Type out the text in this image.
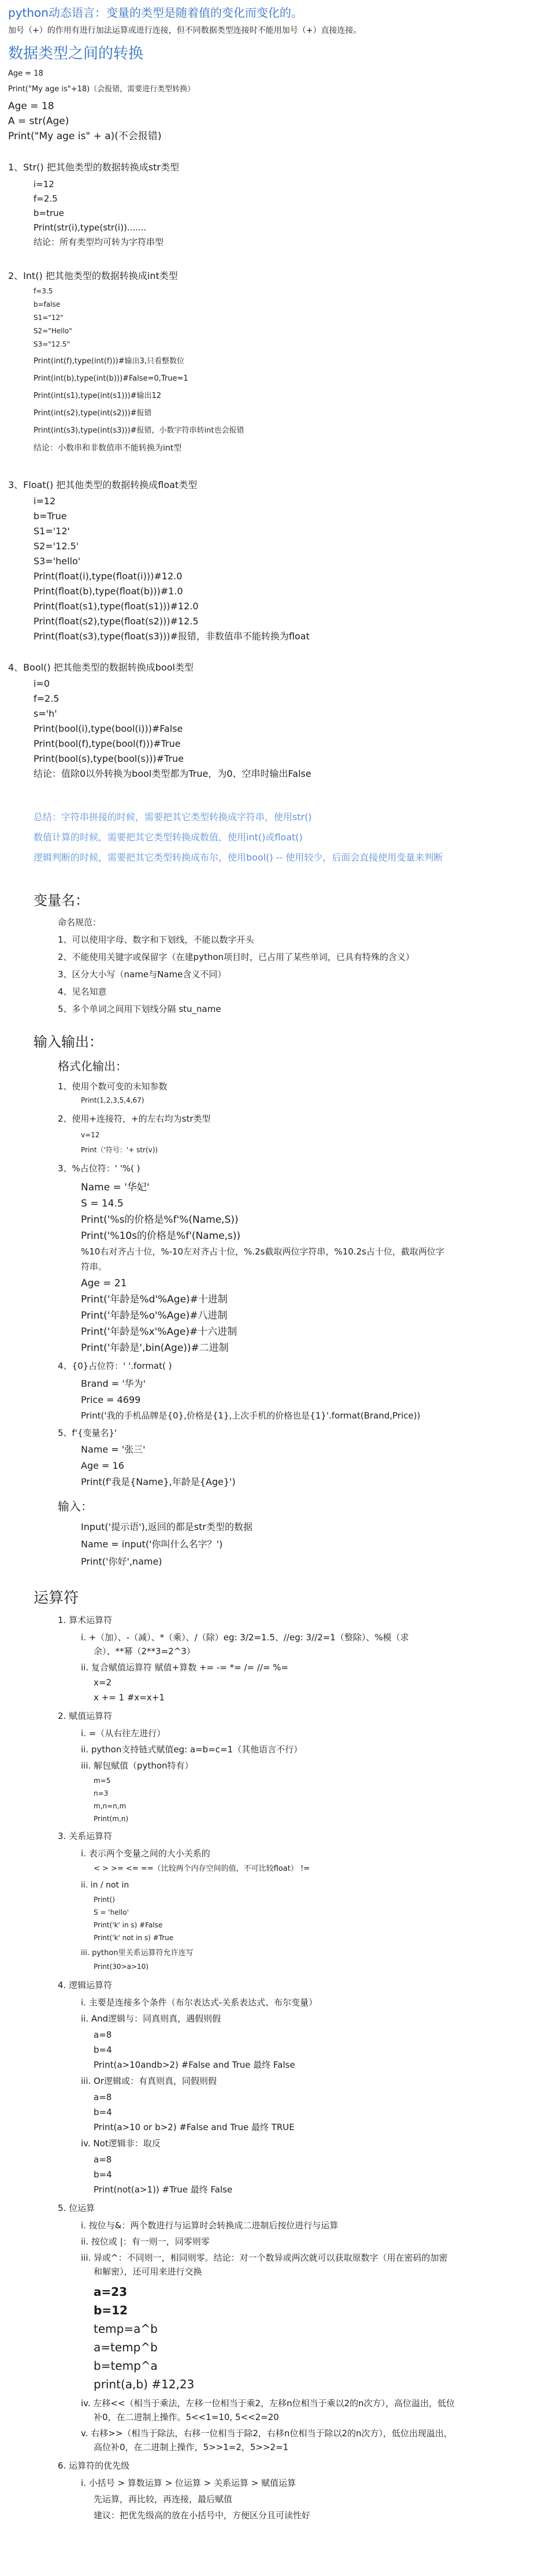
python动态语言：变量的类型是随着值的变化而变化的。
加号（+）的作用有进行加法运算或进行连接，但不同数据类型连接时不能用加号（+）直接连接。
数据类型之间的转换
Age = 18
Print("My age is"+18)（会报错，需要进行类型转换）
Age = 18
A = str(Age)
Print("My age is" + a)(不会报错)
1、Str() 把其他类型的数据转换成str类型
i=12
f=2.5
b=true
Print(str(i),type(str(i)).......
结论：所有类型均可转为字符串型
2、Int() 把其他类型的数据转换成int类型
f=3.5
b=false
S1="12"
S2="Hello"
S3="12.5"
Print(int(f),type(int(f)))#输出3,只看整数位
Print(int(b),type(int(b)))#False=0,True=1
Print(int(s1),type(int(s1)))#输出12
Print(int(s2),type(int(s2)))#报错
Print(int(s3),type(int(s3)))#报错，小数字符串转int也会报错
结论：小数串和非数值串不能转换为int型
3、Float() 把其他类型的数据转换成float类型
i=12
b=True
S1='12'
S2='12.5'
S3='hello'
Print(float(i),type(float(i)))#12.0
Print(float(b),type(float(b)))#1.0
Print(float(s1),type(float(s1)))#12.0
Print(float(s2),type(float(s2)))#12.5
Print(float(s3),type(float(s3)))#报错，非数值串不能转换为float
4、Bool() 把其他类型的数据转换成bool类型
i=0
f=2.5
s='h'
Print(bool(i),type(bool(i)))#False
Print(bool(f),type(bool(f)))#True
Print(bool(s),type(bool(s)))#True
结论：值除0以外转换为bool类型都为True，为0、空串时输出False
总结：字符串拼接的时候，需要把其它类型转换成字符串，使用str()
数值计算的时候，需要把其它类型转换成数值，使用int()或float()
逻辑判断的时候，需要把其它类型转换成布尔，使用bool() -- 使用较少，后面会直接使用变量来判断
变量名：
命名规范：
1、可以使用字母、数字和下划线，不能以数字开头
2、不能使用关键字或保留字（在建python项目时，已占用了某些单词，已具有特殊的含义）
3、区分大小写（name与Name含义不同）
4、见名知意
5、多个单词之间用下划线分隔 stu_name
输入输出：
格式化输出：
1、使用个数可变的未知参数
Print(1,2,3,5,4,67)
2、使用+连接符，+的左右均为str类型
v=12
Print（'符号：'+ str(v))
3、%占位符：' '%( )
Name = '华妃'
S = 14.5
Print('%s的价格是%f'%(Name,S))
Print('%10s的价格是%f'(Name,s))
%10右对齐占十位，%-10左对齐占十位，%.2s截取两位字符串，%10.2s占十位，截取两位字
符串。
Age = 21
Print('年龄是%d'%Age)#十进制
Print('年龄是%o'%Age)#八进制
Print('年龄是%x'%Age)#十六进制
Print('年龄是',bin(Age))#二进制
4、{0}占位符：' '.format( )
Brand = '华为'
Price = 4699
Print('我的手机品牌是{0},价格是{1},上次手机的价格也是{1}'.format(Brand,Price))
5、f'{变量名}'
Name = '张三'
Age = 16
Print(f'我是{Name},年龄是{Age}')
输入：
Input('提示语'),返回的都是str类型的数据
Name = input('你叫什么名字？')
Print('你好',name)
运算符
1. 算术运算符
i. +（加）、-（减）、*（乘）、/（除）eg: 3/2=1.5、//eg: 3//2=1（整除）、%模（求
余）、**幂（2**3=2^3）
ii. 复合赋值运算符 赋值+算数 += -= *= /= //= %=
x=2
x += 1 #x=x+1
2. 赋值运算符
i. =（从右往左进行）
ii. python支持链式赋值eg: a=b=c=1（其他语言不行）
iii. 解包赋值（python特有）
m=5
n=3
m,n=n,m
Print(m,n)
3. 关系运算符
i. 表示两个变量之间的大小关系的
< > >= <= ==（比较两个内存空间的值，不可比较float） !=
ii. in / not in
Print()
S = 'hello'
Print('k' in s) #False
Print('k' not in s) #True
iii. python里关系运算符允许连写
Print(30>a>10)
4. 逻辑运算符
i. 主要是连接多个条件（布尔表达式-关系表达式、布尔变量）
ii. And逻辑与：同真则真，遇假则假
a=8
b=4
Print(a>10andb>2) #False and True 最终 False
iii. Or逻辑或：有真则真，同假则假
a=8
b=4
Print(a>10 or b>2) #False and True 最终 TRUE
iv. Not逻辑非：取反
a=8
b=4
Print(not(a>1)) #True 最终 False
5. 位运算
i. 按位与&：两个数进行与运算时会转换成二进制后按位进行与运算
ii. 按位或 |：有一则一，同零则零
iii. 异或^：不同则一，相同则零。结论：对一个数异或两次就可以获取原数字（用在密码的加密
和解密），还可用来进行交换
a=23
b=12
temp=a^b
a=temp^b
b=temp^a
print(a,b) #12,23
iv. 左移<<（相当于乘法，左移一位相当于乘2，左移n位相当于乘以2的n次方），高位溢出，低位
补0，在二进制上操作。5<<1=10, 5<<2=20
v. 右移>>（相当于除法，右移一位相当于除2，右移n位相当于除以2的n次方），低位出现溢出，
高位补0，在二进制上操作，5>>1=2，5>>2=1
6. 运算符的优先级
i. 小括号 > 算数运算 > 位运算 > 关系运算 > 赋值运算
先运算，再比较，再连接，最后赋值
建议：把优先级高的放在小括号中，方便区分且可读性好
